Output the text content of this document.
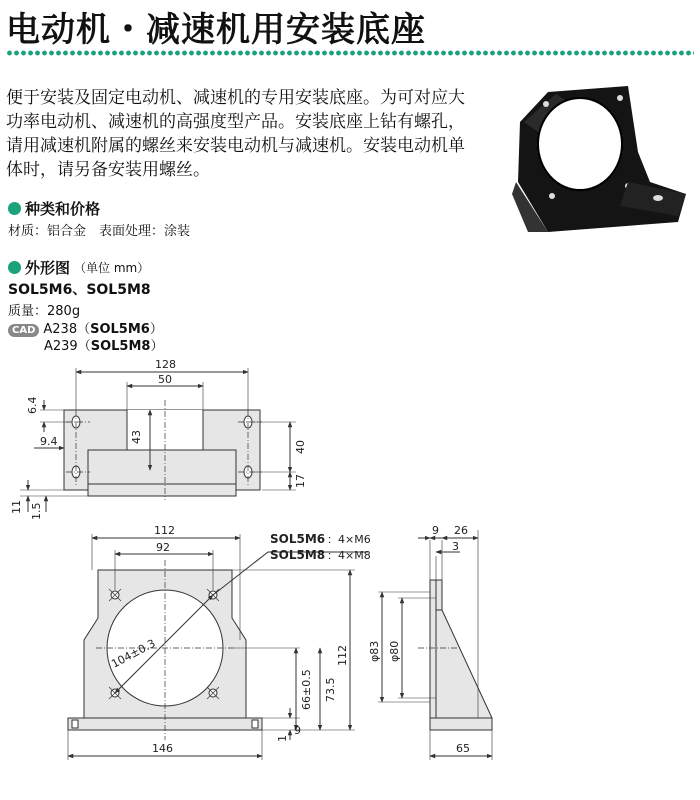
电动机・减速机用安装底座
便于安装及固定电动机、减速机的专用安装底座。为可对应大功率电动机、减速机的高强度型产品。安装底座上钻有螺孔，请用减速机附属的螺丝来安装电动机与减速机。安装电动机单体时，请另备安装用螺丝。
种类和价格
材质：铝合金　表面处理：涂装
外形图 （单位 mm）
SOL5M6、SOL5M8
质量：280g
CAD A238（SOL5M6）
A239（SOL5M8）
128
50
43
6.4
9.4	40
17
11 1.5
112
92
104±0.3
146
66±0.5 73.5
112
1
9
SOL5M6 ：4×M6
SOL5M8 ：4×M8
9 26
3
φ83 φ80
65
